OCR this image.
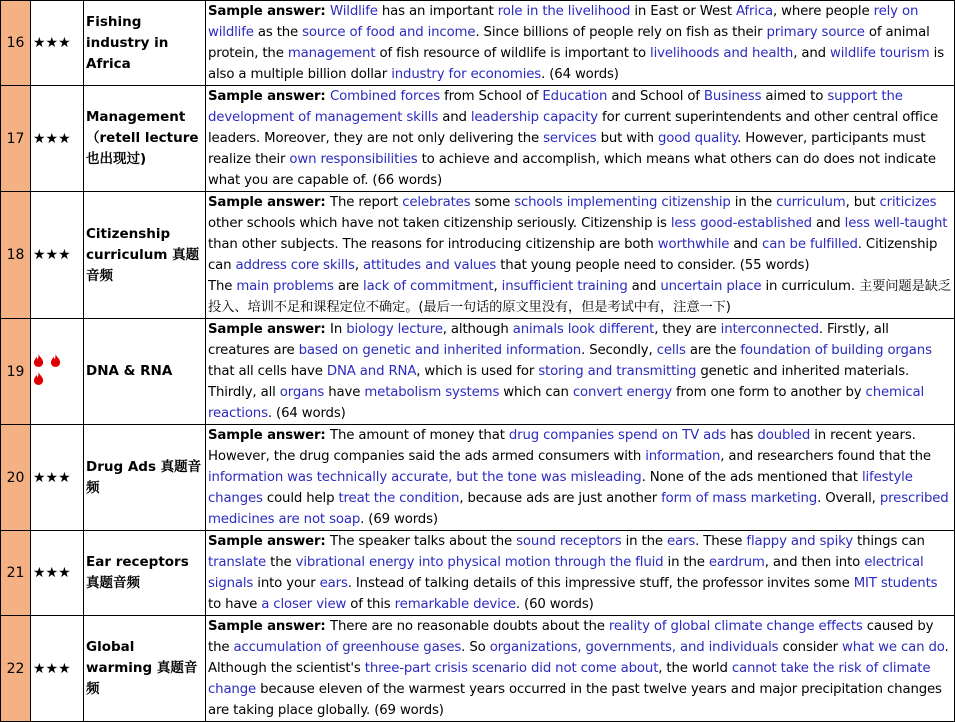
16	★★★	Fishing industry in Africa	Sample answer: Wildlife has an important role in the livelihood in East or West Africa, where people rely on wildlife as the source of food and income. Since billions of people rely on fish as their primary source of animal protein, the management of fish resource of wildlife is important to livelihoods and health, and wildlife tourism is also a multiple billion dollar industry for economies. (64 words)
17	★★★	Management （retell lecture 也出现过)	Sample answer: Combined forces from School of Education and School of Business aimed to support the development of management skills and leadership capacity for current superintendents and other central office leaders. Moreover, they are not only delivering the services but with good quality. However, participants must realize their own responsibilities to achieve and accomplish, which means what others can do does not indicate what you are capable of. (66 words)
18	★★★	Citizenship curriculum 真题音频	Sample answer: The report celebrates some schools implementing citizenship in the curriculum, but criticizes other schools which have not taken citizenship seriously. Citizenship is less good-established and less well-taught than other subjects. The reasons for introducing citizenship are both worthwhile and can be fulfilled. Citizenship can address core skills, attitudes and values that young people need to consider. (55 words)
The main problems are lack of commitment, insufficient training and uncertain place in curriculum. 主要问题是缺乏投入、培训不足和课程定位不确定。(最后一句话的原文里没有，但是考试中有，注意一下)
19		DNA & RNA	Sample answer: In biology lecture, although animals look different, they are interconnected. Firstly, all creatures are based on genetic and inherited information. Secondly, cells are the foundation of building organs that all cells have DNA and RNA, which is used for storing and transmitting genetic and inherited materials. Thirdly, all organs have metabolism systems which can convert energy from one form to another by chemical reactions. (64 words)
20	★★★	Drug Ads 真题音频	Sample answer: The amount of money that drug companies spend on TV ads has doubled in recent years. However, the drug companies said the ads armed consumers with information, and researchers found that the information was technically accurate, but the tone was misleading. None of the ads mentioned that lifestyle changes could help treat the condition, because ads are just another form of mass marketing. Overall, prescribed medicines are not soap. (69 words)
21	★★★	Ear receptors 真题音频	Sample answer: The speaker talks about the sound receptors in the ears. These flappy and spiky things can translate the vibrational energy into physical motion through the fluid in the eardrum, and then into electrical signals into your ears. Instead of talking details of this impressive stuff, the professor invites some MIT students to have a closer view of this remarkable device. (60 words)
22	★★★	Global warming 真题音频	Sample answer: There are no reasonable doubts about the reality of global climate change effects caused by the accumulation of greenhouse gases. So organizations, governments, and individuals consider what we can do. Although the scientist's three-part crisis scenario did not come about, the world cannot take the risk of climate change because eleven of the warmest years occurred in the past twelve years and major precipitation changes are taking place globally. (69 words)
